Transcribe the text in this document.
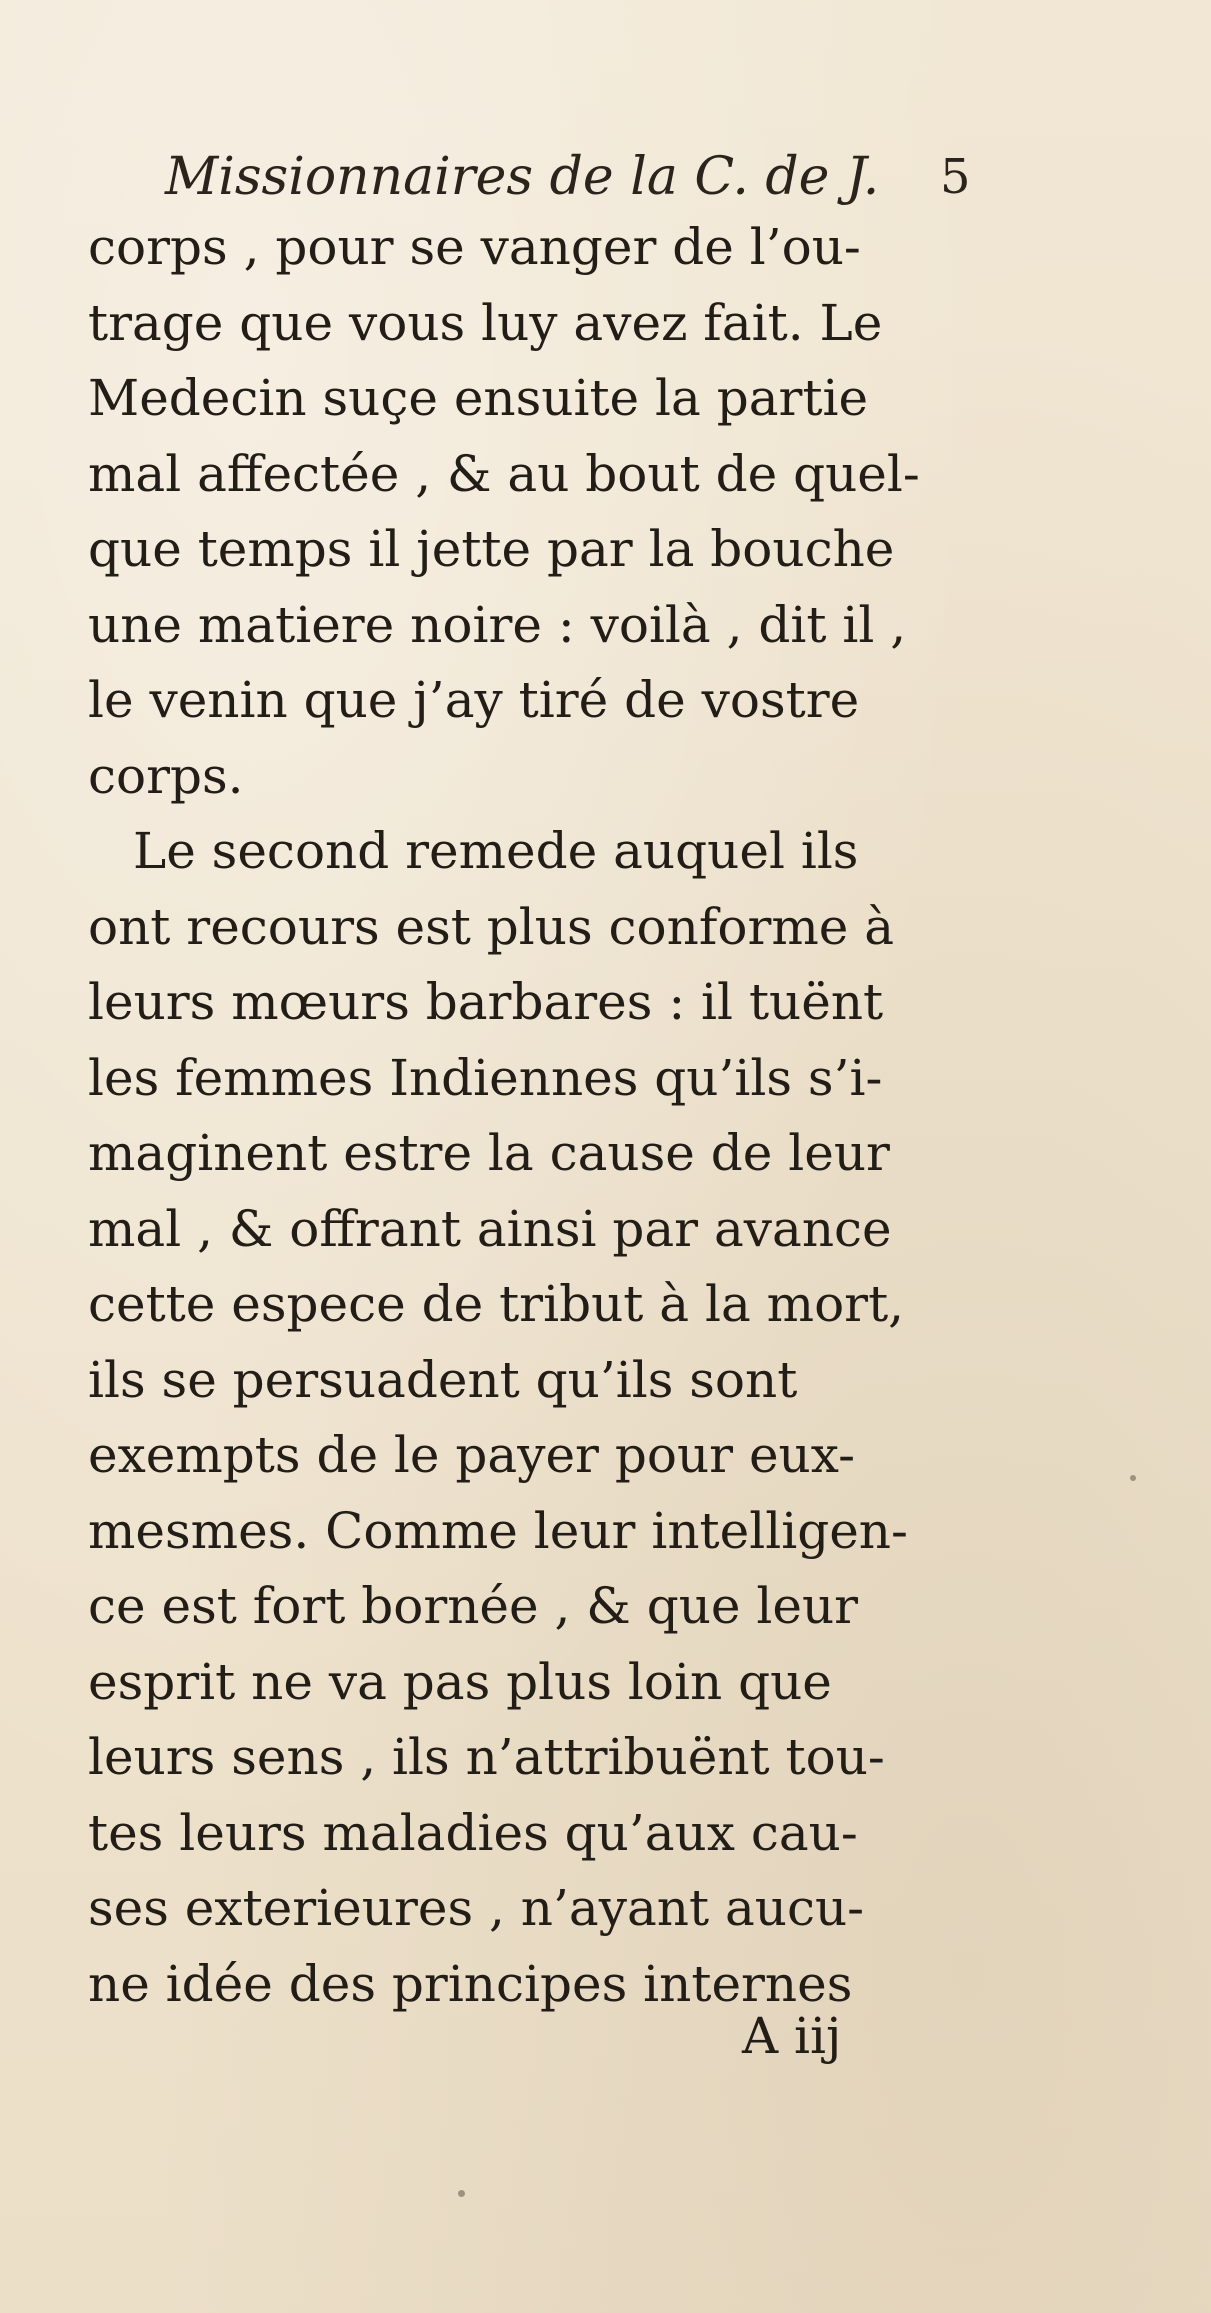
Missionnaires de la C. de J.	5
corps , pour se vanger de l’ou-
trage que vous luy avez fait. Le
Medecin suçe ensuite la partie
mal affectée , & au bout de quel-
que temps il jette par la bouche
une matiere noire : voilà , dit il ,
le venin que j’ay tiré de vostre
corps.
Le second remede auquel ils
ont recours est plus conforme à
leurs mœurs barbares : il tuënt
les femmes Indiennes qu’ils s’i-
maginent estre la cause de leur
mal , & offrant ainsi par avance
cette espece de tribut à la mort,
ils se persuadent qu’ils sont
exempts de le payer pour eux-
mesmes. Comme leur intelligen-
ce est fort bornée , & que leur
esprit ne va pas plus loin que
leurs sens , ils n’attribuënt tou-
tes leurs maladies qu’aux cau-
ses exterieures , n’ayant aucu-
ne idée des principes internes
A iij
